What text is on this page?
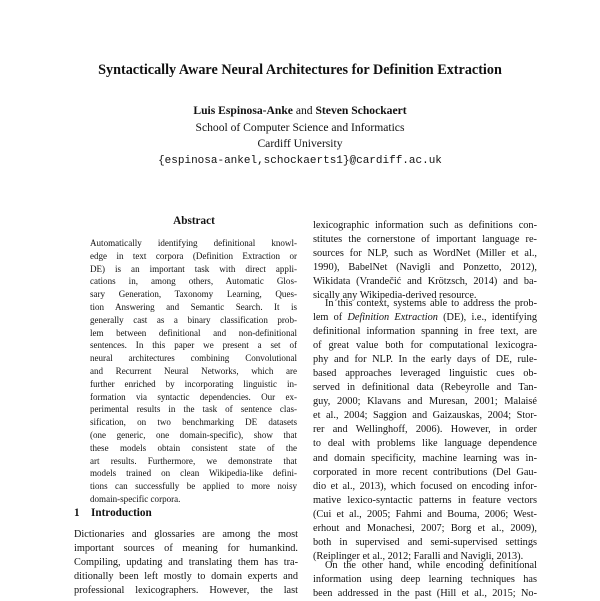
Syntactically Aware Neural Architectures for Definition Extraction
Luis Espinosa-Anke and Steven Schockaert
School of Computer Science and Informatics
Cardiff University
{espinosa-ankel,schockaerts1}@cardiff.ac.uk
Abstract
Automatically identifying definitional knowl-
edge in text corpora (Definition Extraction or
DE) is an important task with direct appli-
cations in, among others, Automatic Glos-
sary Generation, Taxonomy Learning, Ques-
tion Answering and Semantic Search. It is
generally cast as a binary classification prob-
lem between definitional and non-definitional
sentences. In this paper we present a set of
neural architectures combining Convolutional
and Recurrent Neural Networks, which are
further enriched by incorporating linguistic in-
formation via syntactic dependencies. Our ex-
perimental results in the task of sentence clas-
sification, on two benchmarking DE datasets
(one generic, one domain-specific), show that
these models obtain consistent state of the
art results. Furthermore, we demonstrate that
models trained on clean Wikipedia-like defini-
tions can successfully be applied to more noisy
domain-specific corpora.
1 Introduction
Dictionaries and glossaries are among the most
important sources of meaning for humankind.
Compiling, updating and translating them has tra-
ditionally been left mostly to domain experts and
professional lexicographers. However, the last
lexicographic information such as definitions con-
stitutes the cornerstone of important language re-
sources for NLP, such as WordNet (Miller et al.,
1990), BabelNet (Navigli and Ponzetto, 2012),
Wikidata (Vrandečić and Krötzsch, 2014) and ba-
sically any Wikipedia-derived resource.
In this context, systems able to address the prob-
lem of Definition Extraction (DE), i.e., identifying
definitional information spanning in free text, are
of great value both for computational lexicogra-
phy and for NLP. In the early days of DE, rule-
based approaches leveraged linguistic cues ob-
served in definitional data (Rebeyrolle and Tan-
guy, 2000; Klavans and Muresan, 2001; Malaisé
et al., 2004; Saggion and Gaizauskas, 2004; Stor-
rer and Wellinghoff, 2006). However, in order
to deal with problems like language dependence
and domain specificity, machine learning was in-
corporated in more recent contributions (Del Gau-
dio et al., 2013), which focused on encoding infor-
mative lexico-syntactic patterns in feature vectors
(Cui et al., 2005; Fahmi and Bouma, 2006; West-
erhout and Monachesi, 2007; Borg et al., 2009),
both in supervised and semi-supervised settings
(Reiplinger et al., 2012; Faralli and Navigli, 2013).
On the other hand, while encoding definitional
information using deep learning techniques has
been addressed in the past (Hill et al., 2015; No-
